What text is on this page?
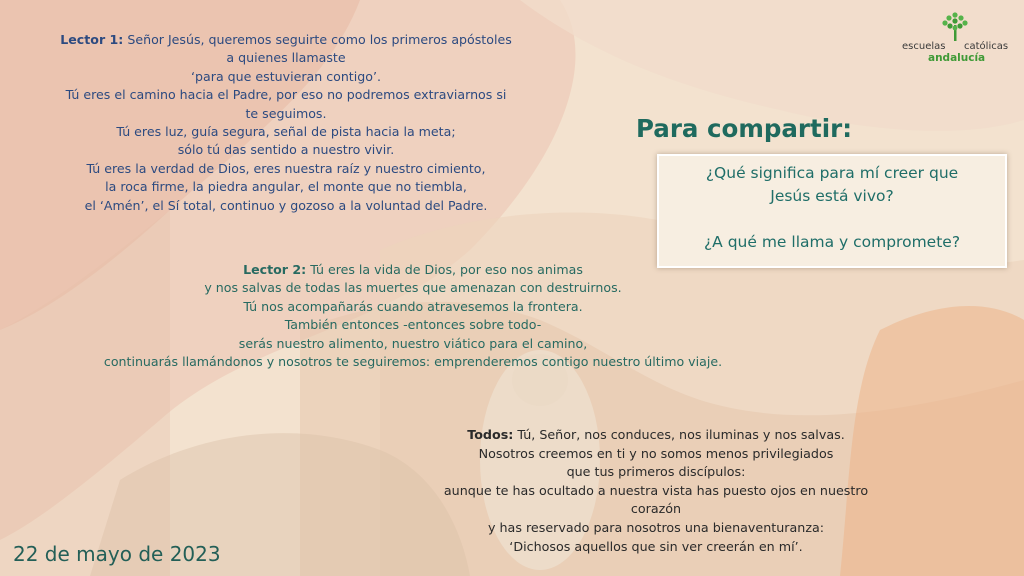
escuelas católicas
andalucía
Lector 1: Señor Jesús, queremos seguirte como los primeros apóstoles
a quienes llamaste
‘para que estuvieran contigo’.
Tú eres el camino hacia el Padre, por eso no podremos extraviarnos si
te seguimos.
Tú eres luz, guía segura, señal de pista hacia la meta;
sólo tú das sentido a nuestro vivir.
Tú eres la verdad de Dios, eres nuestra raíz y nuestro cimiento,
la roca firme, la piedra angular, el monte que no tiembla,
el ‘Amén’, el Sí total, continuo y gozoso a la voluntad del Padre.
Para compartir:
¿Qué significa para mí creer que
Jesús está vivo?
¿A qué me llama y compromete?
Lector 2: Tú eres la vida de Dios, por eso nos animas
y nos salvas de todas las muertes que amenazan con destruirnos.
Tú nos acompañarás cuando atravesemos la frontera.
También entonces -entonces sobre todo-
serás nuestro alimento, nuestro viático para el camino,
continuarás llamándonos y nosotros te seguiremos: emprenderemos contigo nuestro último viaje.
Todos: Tú, Señor, nos conduces, nos iluminas y nos salvas.
Nosotros creemos en ti y no somos menos privilegiados
que tus primeros discípulos:
aunque te has ocultado a nuestra vista has puesto ojos en nuestro
corazón
y has reservado para nosotros una bienaventuranza:
‘Dichosos aquellos que sin ver creerán en mí’.
22 de mayo de 2023
